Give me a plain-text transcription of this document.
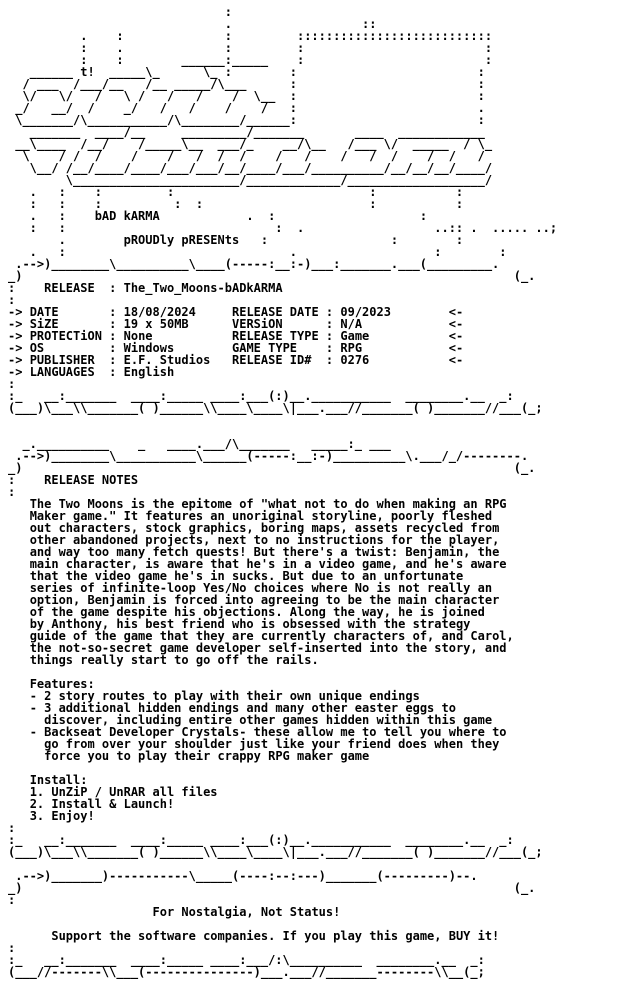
:
.                  ::
.    :              :         :::::::::::::::::::::::::::
:    .              :         :                         :
:    :        ______:_____    :                         :
______ t!  _____\_      \_ :        :                         :
/ ___  /___/__   /__ _____/\___      :                         :
\/   \/   /   \ /   /   /    /  \__  :                         :
_/   __/  /    _/   /   /    /    /   :                         .
\_______/\___________/\________/______:                         :
_______  ____/__     _________/_______       ____  ____________
__\____  /__/    /_____\__  ___/_    __/\__   /___ \/  _____  / \_
\    / /  /    /    /   /  /  /    /   /    /   /  /    /  /   /
\__/ /__/____/____/___/___/__/____/___/__________/__/__/__/____/
\_______________________/_____________/___________________/
.   :    :         :                           :           :
:   :    :          :  :                       :           :
.   :    bAD kARMA            .  :                    :
:   :                             :  .                  ..:: .  ..... ..;
.        pROUDly pRESENts   :                 :        :
.   :                               .                   :        :
.-->)________\__________\____(-----:__:-)___:_______.___(_________.
_)                                                                    (_.
:    RELEASE  : The_Two_Moons-bADkARMA
:
-> DATE       : 18/08/2024     RELEASE DATE : 09/2023        <-
-> SiZE       : 19 x 50MB      VERSiON      : N/A            <-
-> PROTECTiON : None           RELEASE TYPE : Game           <-
-> OS         : Windows        GAME TYPE    : RPG            <-
-> PUBLISHER  : E.F. Studios   RELEASE ID#  : 0276           <-
-> LANGUAGES  : English
:
:_   __:_______  ____:_____ ____:___(:)__.___________  ________.__  _:
(___)\___\\_______( )______\\____\____\|___.___//_______( )_______//___(_;
_.__________    _   ____.___/\_______   _____:_ ___
.-->)________\___________\______(-----:__:-)__________\.___/_/--------.
_)                                                                    (_.
:    RELEASE NOTES
:
The Two Moons is the epitome of "what not to do when making an RPG
Maker game." It features an unoriginal storyline, poorly fleshed
out characters, stock graphics, boring maps, assets recycled from
other abandoned projects, next to no instructions for the player,
and way too many fetch quests! But there's a twist: Benjamin, the
main character, is aware that he's in a video game, and he's aware
that the video game he's in sucks. But due to an unfortunate
series of infinite-loop Yes/No choices where No is not really an
option, Benjamin is forced into agreeing to be the main character
of the game despite his objections. Along the way, he is joined
by Anthony, his best friend who is obsessed with the strategy
guide of the game that they are currently characters of, and Carol,
the not-so-secret game developer self-inserted into the story, and
things really start to go off the rails.
Features:
- 2 story routes to play with their own unique endings
- 3 additional hidden endings and many other easter eggs to
discover, including entire other games hidden within this game
- Backseat Developer Crystals- these allow me to tell you where to
go from over your shoulder just like your friend does when they
force you to play their crappy RPG maker game
Install:
1. UnZiP / UnRAR all files
2. Install & Launch!
3. Enjoy!
:
:_   __:_______  ____:_____ ____:___(:)__.___________  ________.__  _:
(___)\___\\_______( )______\\____\____\|___.___//_______( )_______//___(_;
.-->)_______)-----------\_____(----:--:---)_______(---------)--.
_)                                                                    (_.
:
For Nostalgia, Not Status!
Support the software companies. If you play this game, BUY it!
:
:_   __:_______  ____:_____ ____:___/:\__________  ________.__  _:
(___//-------\\___(---------------)___.___//_______--------\\__(_;
